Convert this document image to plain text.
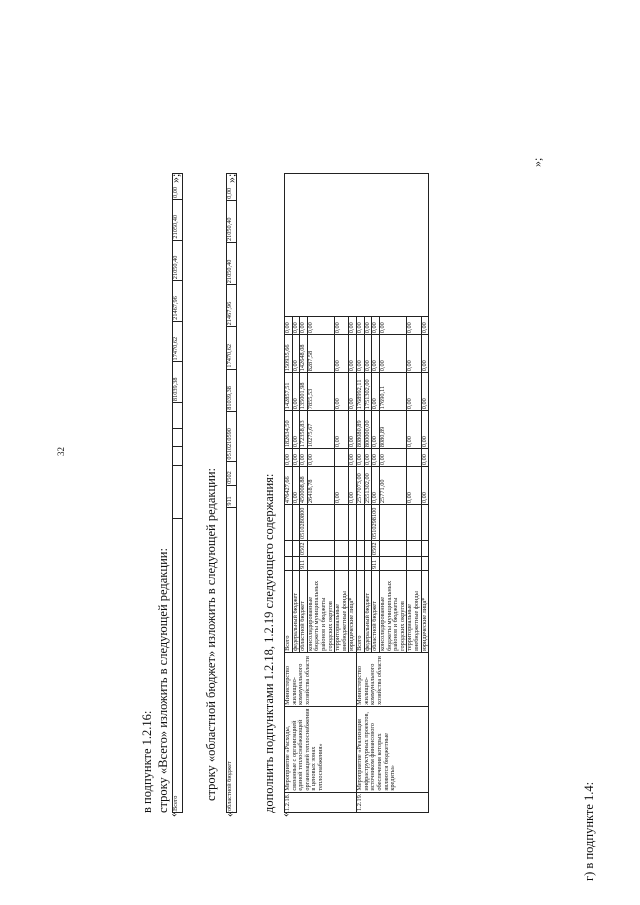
32
в подпункте 1.2.16: строку «Всего» изложить в следующей редакции:
«
Всего					81039,38	17470,62	21467,96	21050,40	21050,40	0,00
»;
строку «областной бюджет» изложить в следующей редакции:
«
областной бюджет	911	0502	0510210590	81039,38	17470,62	21467,96	21050,40	21050,40	0,00
»;
дополнить подпунктами 1.2.18, 1.2.19 следующего содержания:
«
1.2.18.	Мероприятие «Расходы, связанные с организацией единой теплоснабжающей организацией теплоснабжения в ценовых зонах теплоснабжения»	Министерство жилищно-коммунального хозяйства области	Всего				476427,66	0,00	182634,50	142857,51	150935,66	0,00	
			федеральный бюджет				0,00	0,00	0,00	0,00	0,00	0,00	
			областной бюджет	911	0502	0510280800	450008,88	0,00	172358,83	135001,98	142648,08	0,00	
			консолидированные бюджеты муниципальных районов и бюджеты городских округов				26418,78	0,00	10275,67	7855,53	8287,58	0,00	
			территориальные внебюджетные фонды				0,00		0,00	0,00	0,00	0,00	
			юридические лица*				0,00	0,00	0,00	0,00	0,00	0,00	
1.2.19.	Мероприятие «Реализация инфраструктурных проектов, источником финансового обеспечения которых являются бюджетные кредиты»	Министерство жилищно-коммунального хозяйства области	Всего				2577073,00	0,00	808080,89	1768992,11	0,00	0,00	
			федеральный бюджет				2551302,00	0,00	800000,00	1751302,00	0,00	0,00	
			областной бюджет	911	0502	0510298100	0,00	0,00	0,00	0,00	0,00	0,00	
			консолидированные бюджеты муниципальных районов и бюджеты городских округов				25771,00	0,00	8080,89	17690,11	0,00	0,00	
			территориальные внебюджетные фонды				0,00		0,00	0,00	0,00	0,00	
			юридические лица*				0,00	0,00	0,00	0,00	0,00	0,00	
»;
г) в подпункте 1.4:
